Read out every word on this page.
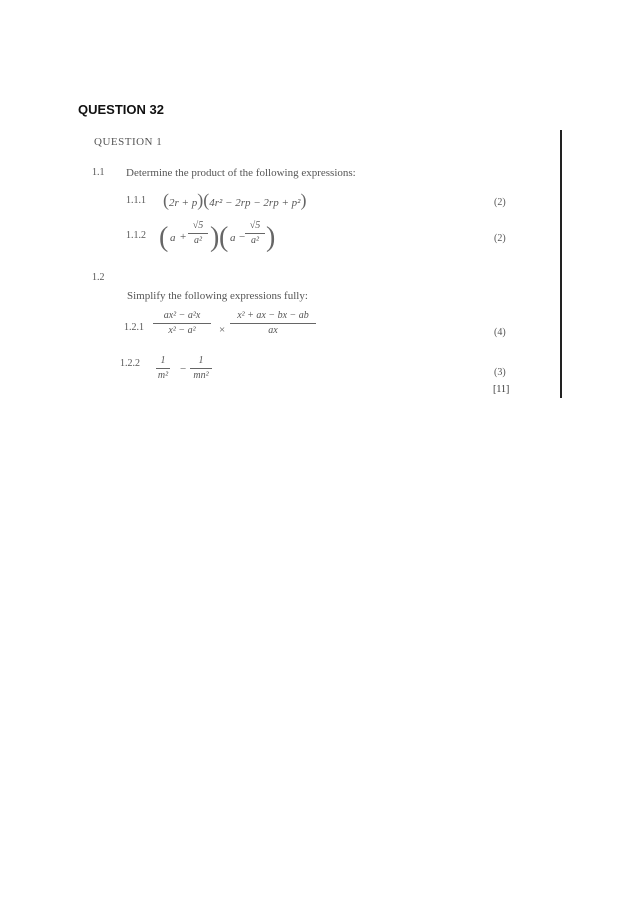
QUESTION 32
QUESTION 1
1.1 Determine the product of the following expressions:
1.1.1 (2r + p)(4r² − 2rp − 2rp + p²)	(2)
1.1.2 ( a +
√5
a² ) ( a −
√5
a² )	(2)
1.2
Simplify the following expressions fully:
1.2.1
ax² − a²x
x² − a²	×
x² + ax − bx − ab
ax	(4)
1.2.2	1
m²
−
1
mn²	(3)
[11]
